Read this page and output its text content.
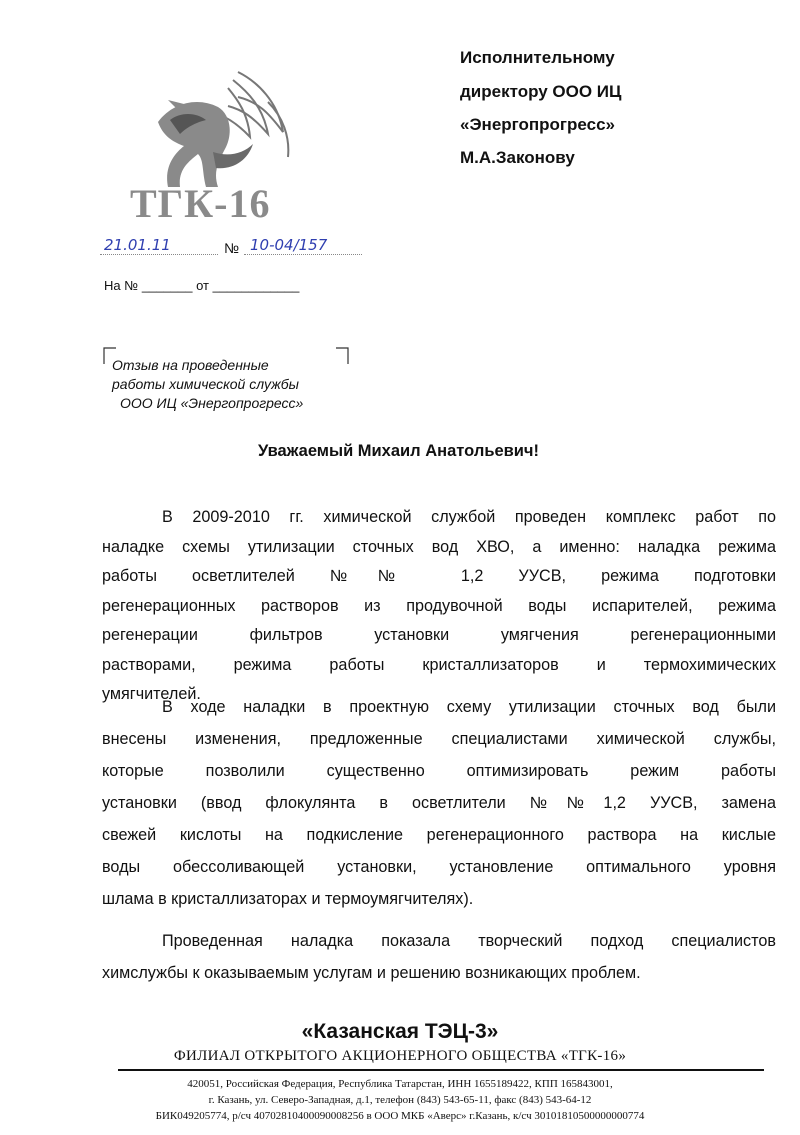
ТГК-16
Исполнительному
директору ООО ИЦ
«Энергопрогресс»
М.А.Законову
21.01.11	№ 10-04/157
На № _______ от ____________
Отзыв на проведенные
работы химической службы
ООО ИЦ «Энергопрогресс»
Уважаемый Михаил Анатольевич!
В 2009-2010 гг. химической службой проведен комплекс работ по
наладке схемы утилизации сточных вод ХВО, а именно: наладка режима
работы осветлителей №№ 1,2 УУСВ, режима подготовки
регенерационных растворов из продувочной воды испарителей, режима
регенерации фильтров установки умягчения регенерационными
растворами, режима работы кристаллизаторов и термохимических
умягчителей.
В ходе наладки в проектную схему утилизации сточных вод были
внесены изменения, предложенные специалистами химической службы,
которые позволили существенно оптимизировать режим работы
установки (ввод флокулянта в осветлители №№1,2 УУСВ, замена
свежей кислоты на подкисление регенерационного раствора на кислые
воды обессоливающей установки, установление оптимального уровня
шлама в кристаллизаторах и термоумягчителях).
Проведенная наладка показала творческий подход специалистов
химслужбы к оказываемым услугам и решению возникающих проблем.
«Казанская ТЭЦ-3»
ФИЛИАЛ ОТКРЫТОГО АКЦИОНЕРНОГО ОБЩЕСТВА «ТГК-16»
420051, Российская Федерация, Республика Татарстан, ИНН 1655189422, КПП 165843001,
г. Казань, ул. Северо-Западная, д.1, телефон (843) 543-65-11, факс (843) 543-64-12
БИК049205774, р/сч 40702810400090008256 в ООО МКБ «Аверс» г.Казань, к/сч 30101810500000000774
